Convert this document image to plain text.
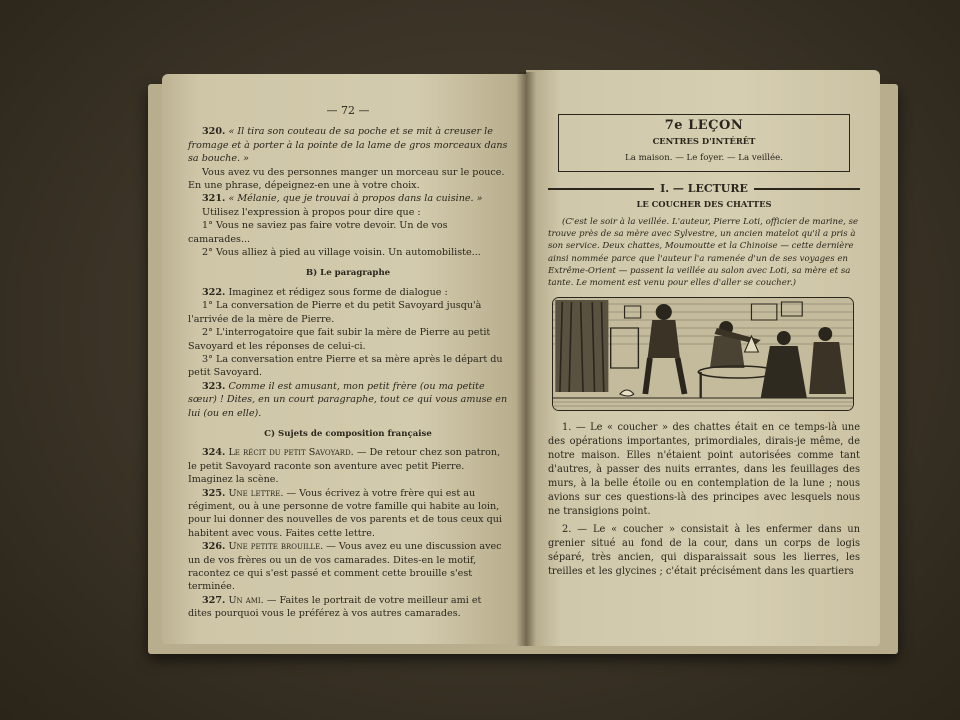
— 72 —

320. « Il tira son couteau de sa poche et se mit à creuser le fromage et à porter à la pointe de la lame de gros morceaux dans sa bouche. »

Vous avez vu des personnes manger un morceau sur le pouce. En une phrase, dépeignez-en une à votre choix.

321. « Mélanie, que je trouvai à propos dans la cuisine. »

Utilisez l'expression à propos pour dire que :

1° Vous ne saviez pas faire votre devoir. Un de vos camarades...

2° Vous alliez à pied au village voisin. Un automobiliste...

B) Le paragraphe

322. Imaginez et rédigez sous forme de dialogue :

1° La conversation de Pierre et du petit Savoyard jusqu'à l'arrivée de la mère de Pierre.

2° L'interrogatoire que fait subir la mère de Pierre au petit Savoyard et les réponses de celui-ci.

3° La conversation entre Pierre et sa mère après le départ du petit Savoyard.

323. Comme il est amusant, mon petit frère (ou ma petite sœur) ! Dites, en un court paragraphe, tout ce qui vous amuse en lui (ou en elle).

C) Sujets de composition française

324. Le récit du petit Savoyard. — De retour chez son patron, le petit Savoyard raconte son aventure avec petit Pierre. Imaginez la scène.

325. Une lettre. — Vous écrivez à votre frère qui est au régiment, ou à une personne de votre famille qui habite au loin, pour lui donner des nouvelles de vos parents et de tous ceux qui habitent avec vous. Faites cette lettre.

326. Une petite brouille. — Vous avez eu une discussion avec un de vos frères ou un de vos camarades. Dites-en le motif, racontez ce qui s'est passé et comment cette brouille s'est terminée.

327. Un ami. — Faites le portrait de votre meilleur ami et dites pourquoi vous le préférez à vos autres camarades.

7e LEÇON
CENTRES D'INTÉRÊT
La maison. — Le foyer. — La veillée.
I. — LECTURE
LE COUCHER DES CHATTES

(C'est le soir à la veillée. L'auteur, Pierre Loti, officier de marine, se trouve près de sa mère avec Sylvestre, un ancien matelot qu'il a pris à son service. Deux chattes, Moumoutte et la Chinoise — cette dernière ainsi nommée parce que l'auteur l'a ramenée d'un de ses voyages en Extrême-Orient — passent la veillée au salon avec Loti, sa mère et sa tante. Le moment est venu pour elles d'aller se coucher.)

1. — Le « coucher » des chattes était en ce temps-là une des opérations importantes, primordiales, dirais-je même, de notre maison. Elles n'étaient point autorisées comme tant d'autres, à passer des nuits errantes, dans les feuillages des murs, à la belle étoile ou en contemplation de la lune ; nous avions sur ces questions-là des principes avec lesquels nous ne transigions point.

2. — Le « coucher » consistait à les enfermer dans un grenier situé au fond de la cour, dans un corps de logis séparé, très ancien, qui disparaissait sous les lierres, les treilles et les glycines ; c'était précisément dans les quartiers
